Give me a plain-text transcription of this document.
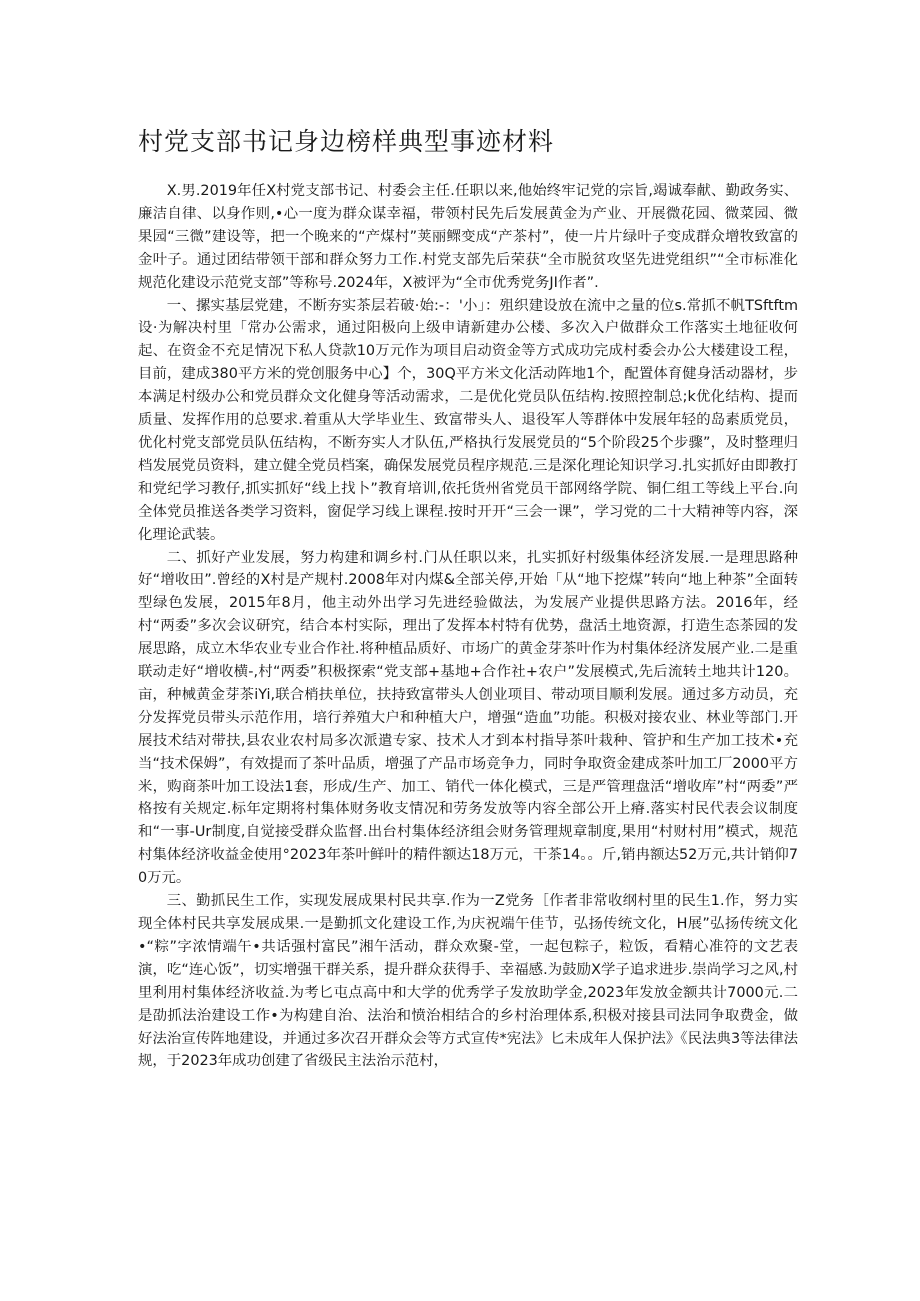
村党支部书记身边榜样典型事迹材料

X.男.2019年任X村党支部书记、村委会主任.任职以来,他始终牢记党的宗旨,竭诚奉献、勤政务实、廉洁自律、以身作则,•心一度为群众谋幸福，带领村民先后发展黄金为产业、开展微花园、微菜园、微果园“三微”建设等，把一个晚来的“产煤村”荚丽鳏变成“产茶村”，使一片片绿叶子变成群众增牧致富的金叶子。通过团结带领干部和群众努力工作.村党支部先后荣获“全市脱贫攻坚先进党组织”“全市标准化规范化建设示范党支部”等称号.2024年，X被评为“全市优秀党务JI作者”.

一、摞实基层党建，不断夯实茶层若破·始:-：'小」：殂织建设放在流中之量的位s.常抓不帆TSftftm设·为解决村里「常办公需求，通过阳极向上级申请新建办公楼、多次入户做群众工作落实土地征收何起、在资金不充足情况下私人贷款10万元作为项目启动资金等方式成功完成村委会办公大楼建设工程，目前，建成380平方米的党创服务中心】个，30Q平方米文化活动阵地1个，配置体育健身活动器材，步本满足村级办公和党员群众文化健身等活动需求，二是优化党员队伍结构.按照控制总;k优化结构、提而质量、发挥作用的总要求.着重从大学毕业生、致富带头人、退役军人等群体中发展年轻的岛素质党员，优化村党支部党员队伍结构，不断夯实人才队伍,严格执行发展党员的“5个阶段25个步骤”，及时整理归档发展党员资料，建立健全党员档案，确保发展党员程序规范.三是深化理论知识学习.扎实抓好由即教打和党纪学习教仔,抓实抓好“线上找卜”教育培训,依托货州省党员干部网络学院、铜仁组工等线上平台.向全体党员推送各类学习资料，窗促学习线上课程.按时开开“三会一课”，学习党的二十大精神等内容，深化理论武装。

二、抓好产业发展，努力构建和调乡村.门从任职以来，扎实抓好村级集体经济发展.一是理思路种好“增收田”.曾经的X村是产规村.2008年对内煤&全部关停,开始「从“地下挖煤”转向“地上种茶”全面转型绿色发展，2015年8月，他主动外出学习先进经验做法，为发展产业提供思路方法。2016年，经村“两委”多次会议研究，结合本村实际，理出了发挥本村特有优势，盘活土地资源，打造生态茶园的发展思路，成立木华农业专业合作社.将种植品质好、市场广的黄金芽茶叶作为村集体经济发展产业.二是重联动走好“增收横-,村“两委”积极探索“党支部+基地+合作社+农户”发展模式,先后流转土地共计120。亩，种械黄金芽茶iYi,联合梢扶单位，扶持致富带头人创业项目、带动项目顺利发展。通过多方动员，充分发挥党员带头示范作用，培行养殖大户和种植大户，增强“造血”功能。积极对接农业、林业等部门.开展技术结对带扶,县农业农村局多次派遣专家、技术人才到本村指导茶叶栽种、管护和生产加工技术•充当“技术保姆”，有效提而了茶叶品质，增强了产品市场竞争力，同时争取资金建成茶叶加工厂2000平方米，购商茶叶加工设法1套，形成/生产、加工、销代一体化模式，三是严管理盘活“增收库”村“两委”严格按有关规定.标年定期将村集体财务收支情况和劳务发放等内容全部公开上瘠.落实村民代表会议制度和“一事-Ur制度,自觉接受群众监督.出台村集体经济组会财务管理规章制度,果用“村财村用”模式，规范村集体经济收益金使用°2023年茶叶鲜叶的精件额达18万元，干茶14。。斤,销冉额达52万元,共计销仰70万元。

三、勤抓民生工作，实现发展成果村民共享.作为一Z党务［作者非常收纲村里的民生1.作，努力实现全体村民共享发展成果.一是勤抓文化建设工作,为庆祝端午佳节，弘扬传统文化，H展”弘扬传统文化•“粽”字浓情端午•共话强村富民”湘午活动，群众欢聚-堂，一起包粽子，粒饭，看精心准符的文艺表演，吃“连心饭”，切实增强干群关系，提升群众获得手、幸福感.为鼓励X学子追求进步.崇尚学习之风,村里利用村集体经济收益.为考匕屯点高中和大学的优秀学子发放助学金,2023年发放金额共计7000元.二是劭抓法治建设工作•为构建自治、法治和愤治相结合的乡村治理体系,积极对接县司法同争取费金，做好法治宣传阵地建设，并通过多次召开群众会等方式宣传*宪法》匕未成年人保护法》《民法典3等法律法规，于2023年成功创建了省级民主法治示范村，
